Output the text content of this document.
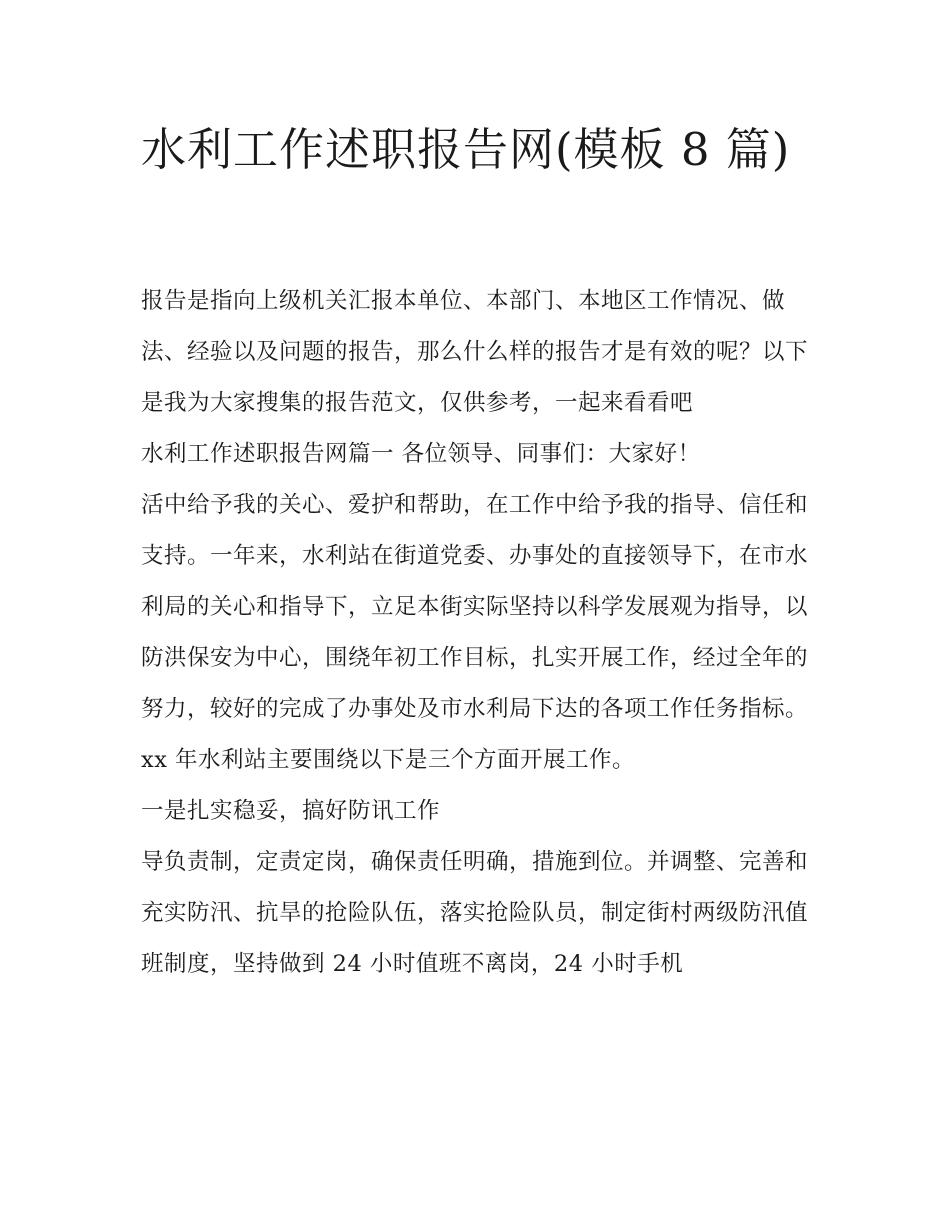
水利工作述职报告网(模板 8 篇)

报告是指向上级机关汇报本单位、本部门、本地区工作情况、做法、经验以及问题的报告，那么什么样的报告才是有效的呢？以下是我为大家搜集的报告范文，仅供参考，一起来看看吧

水利工作述职报告网篇一 各位领导、同事们：大家好！

活中给予我的关心、爱护和帮助，在工作中给予我的指导、信任和支持。一年来，水利站在街道党委、办事处的直接领导下，在市水利局的关心和指导下，立足本街实际坚持以科学发展观为指导，以防洪保安为中心，围绕年初工作目标，扎实开展工作，经过全年的努力，较好的完成了办事处及市水利局下达的各项工作任务指标。xx 年水利站主要围绕以下是三个方面开展工作。

一是扎实稳妥，搞好防讯工作

导负责制，定责定岗，确保责任明确，措施到位。并调整、完善和充实防汛、抗旱的抢险队伍，落实抢险队员，制定街村两级防汛值班制度，坚持做到 24 小时值班不离岗，24 小时手机
